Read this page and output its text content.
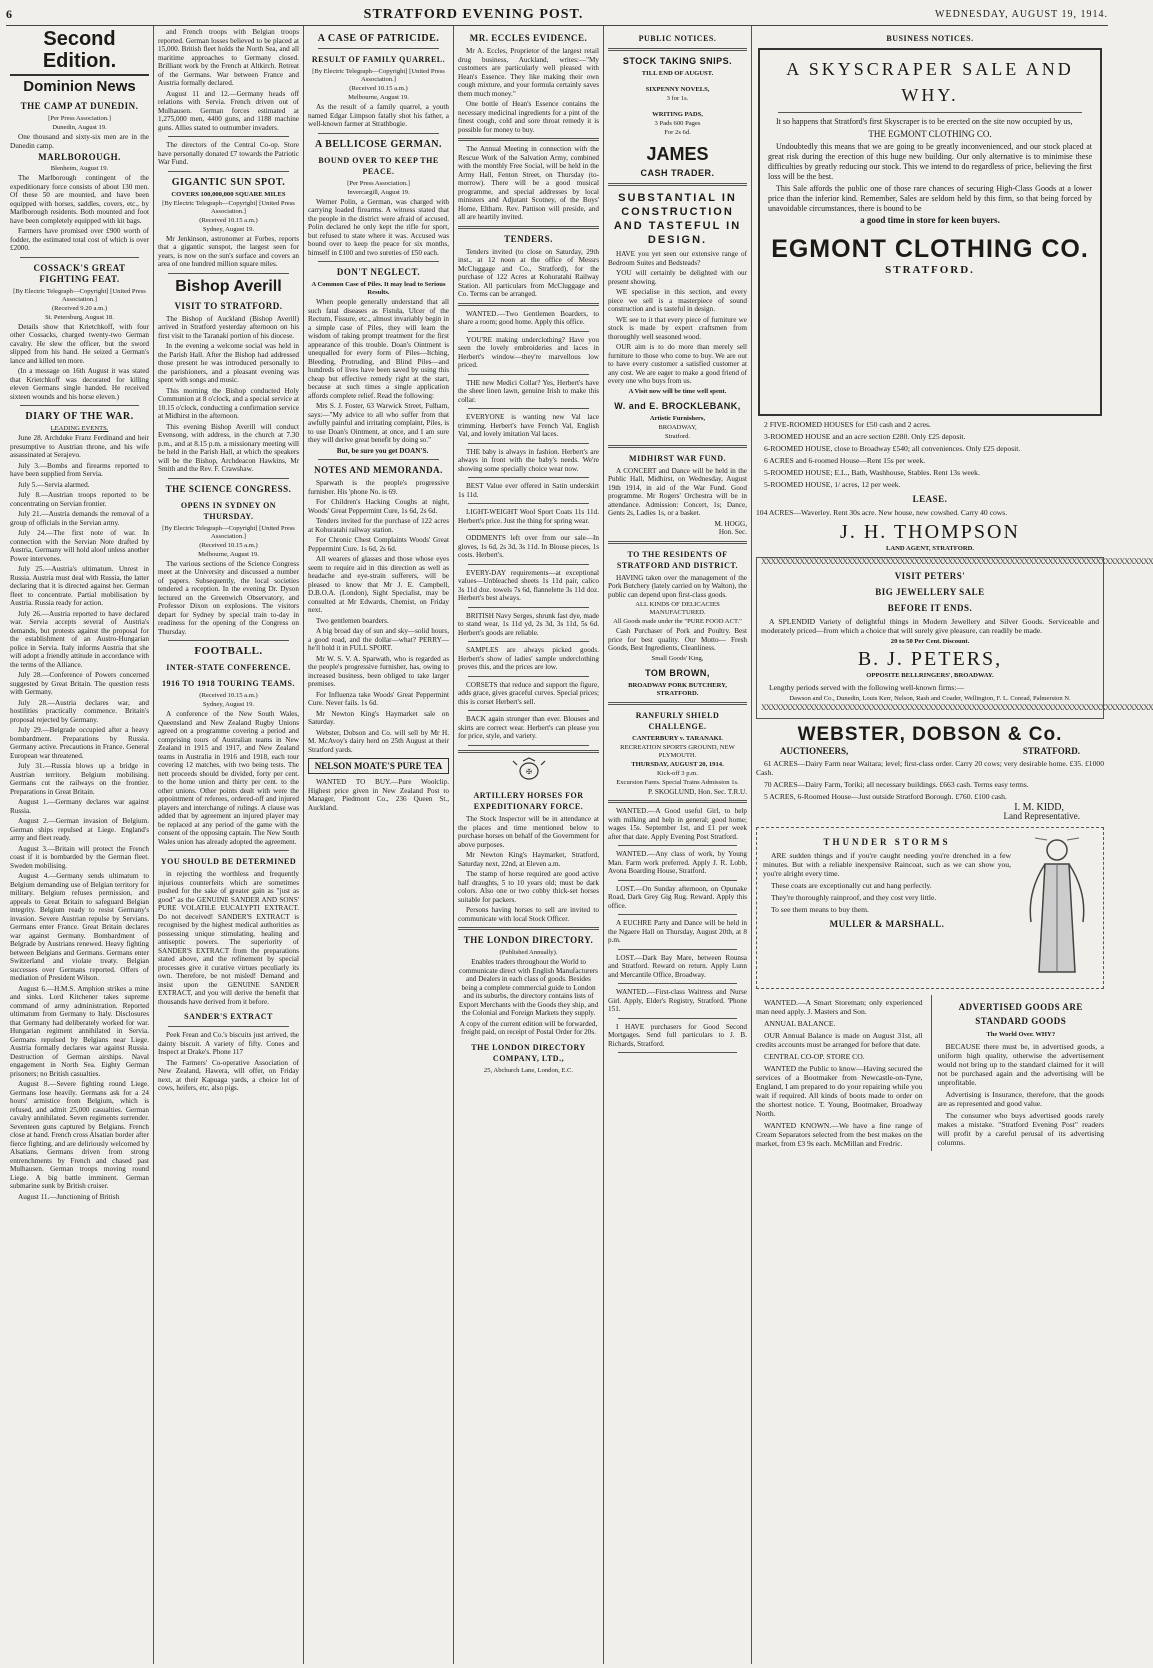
6	STRATFORD EVENING POST.	WEDNESDAY, AUGUST 19, 1914.
Second Edition.
Dominion News
THE CAMP AT DUNEDIN.
[Per Press Association.]
Dunedin, August 19.

One thousand and sixty-six men are in the Dunedin camp.

MARLBOROUGH.
Blenheim, August 19.

The Marlborough contingent of the expeditionary force consists of about 130 men. Of these 50 are mounted, and have been equipped with horses, saddles, covers, etc., by Marlborough residents. Both mounted and foot have been completely equipped with kit bags.

Farmers have promised over £900 worth of fodder, the estimated total cost of which is over £2000.

COSSACK'S GREAT FIGHTING FEAT.
[By Electric Telegraph—Copyright] [United Press Association.]
(Received 9.20 a.m.)
St. Petersburg, August 18.

Details show that Krietchkoff, with four other Cossacks, charged twenty-two German cavalry. He slew the officer, but the sword slipped from his hand. He seized a German's lance and killed ten more.

(In a message on 16th August it was stated that Krietchkoff was decorated for killing eleven Germans single handed. He received sixteen wounds and his horse eleven.)

DIARY OF THE WAR.
LEADING EVENTS.

June 28. Archduke Franz Ferdinand and heir presumptive to Austrian throne, and his wife assassinated at Serajevo.

July 3.—Bombs and firearms reported to have been supplied from Servia.

July 5.—Servia alarmed.

July 8.—Austrian troops reported to be concentrating on Servian frontier.

July 21.—Austria demands the removal of a group of officials in the Servian army.

July 24.—The first note of war. In connection with the Servian Note drafted by Austria, Germany will hold aloof unless another Power intervenes.

July 25.—Austria's ultimatum. Unrest in Russia. Austria must deal with Russia, the latter declaring that it is directed against her. German fleet to concentrate. Partial mobilisation by Austria. Russia ready for action.

July 26.—Austria reported to have declared war. Servia accepts several of Austria's demands, but protests against the proposal for the establishment of an Austro-Hungarian police in Servia. Italy informs Austria that she will adopt a friendly attitude in accordance with the terms of the Alliance.

July 28.—Conference of Powers concerned suggested by Great Britain. The question rests with Germany.

July 28.—Austria declares war, and hostilities practically commence. Britain's proposal rejected by Germany.

July 29.—Belgrade occupied after a heavy bombardment. Preparations by Russia. Germany active. Precautions in France. General European war threatened.

July 31.—Russia blows up a bridge in Austrian territory. Belgium mobilising. Germans cut the railways on the frontier. Preparations in Great Britain.

August 1.—Germany declares war against Russia.

August 2.—German invasion of Belgium. German ships repulsed at Liege. England's army and fleet ready.

August 3.—Britain will protect the French coast if it is bombarded by the German fleet. Sweden mobilising.

August 4.—Germany sends ultimatum to Belgium demanding use of Belgian territory for military. Belgium refuses permission, and appeals to Great Britain to safeguard Belgian integrity. Belgium ready to resist Germany's invasion. Severe Austrian repulse by Servians. Germans enter France. Great Britain declares war against Germany. Bombardment of Belgrade by Austrians renewed. Heavy fighting between Belgians and Germans. Germans enter Switzerland and violate treaty. Belgian successes over Germans reported. Offers of mediation of President Wilson.

August 6.—H.M.S. Amphion strikes a mine and sinks. Lord Kitchener takes supreme command of army administration. Reported ultimatum from Germany to Italy. Disclosures that Germany had deliberately worked for war. Hungarian regiment annihilated in Servia. Germans repulsed by Belgians near Liege. Austria formally declares war against Russia. Destruction of German airships. Naval engagement in North Sea. Eighty German prisoners; no British casualties.

August 8.—Severe fighting round Liege. Germans lose heavily. Germans ask for a 24 hours' armistice from Belgium, which is refused, and admit 25,000 casualties. German cavalry annihilated. Seven regiments surrender. Seventeen guns captured by Belgians. French close at hand. French cross Alsatian border after fierce fighting, and are deliriously welcomed by Alsatians. Germans driven from strong entrenchments by French and chased past Mulhausen. German troops moving round Liege. A big battle imminent. German submarine sunk by British cruiser.

August 11.—Junctioning of British

and French troops with Belgian troops reported. German losses believed to be placed at 15,000. British fleet holds the North Sea, and all maritime approaches to Germany closed. Brilliant work by the French at Altkirch. Retreat of the Germans. War between France and Austria formally declared.

August 11 and 12.—Germany heads off relations with Servia. French driven out of Mulhausen. German forces estimated at 1,275,000 men, 4400 guns, and 1188 machine guns. Allies stated to outnumber invaders.

The directors of the Central Co-op. Store have personally donated £7 towards the Patriotic War Fund.

GIGANTIC SUN SPOT.
COVERS 100,000,000 SQUARE MILES
[By Electric Telegraph—Copyright] [United Press Association.]
(Received 10.15 a.m.)
Sydney, August 19.

Mr Jenkinson, astronomer at Forbes, reports that a gigantic sunspot, the largest seen for years, is now on the sun's surface and covers an area of one hundred million square miles.

Bishop Averill
VISIT TO STRATFORD.

The Bishop of Auckland (Bishop Averill) arrived in Stratford yesterday afternoon on his first visit to the Taranaki portion of his diocese.

In the evening a welcome social was held in the Parish Hall. After the Bishop had addressed those present he was introduced personally to the parishioners, and a pleasant evening was spent with songs and music.

This morning the Bishop conducted Holy Communion at 8 o'clock, and a special service at 10.15 o'clock, conducting a confirmation service at Midhirst in the afternoon.

This evening Bishop Averill will conduct Evensong, with address, in the church at 7.30 p.m., and at 8.15 p.m. a missionary meeting will be held in the Parish Hall, at which the speakers will be the Bishop, Archdeacon Hawkins, Mr Smith and the Rev. F. Crawshaw.

THE SCIENCE CONGRESS.
OPENS IN SYDNEY ON THURSDAY.
[By Electric Telegraph—Copyright] [United Press Association.]
(Received 10.15 a.m.)
Melbourne, August 19.

The various sections of the Science Congress meet at the University and discussed a number of papers. Subsequently, the local societies tendered a reception. In the evening Dr. Dyson lectured on the Greenwich Observatory, and Professor Dixon on explosions. The visitors depart for Sydney by special train to-day in readiness for the opening of the Congress on Thursday.

FOOTBALL.
INTER-STATE CONFERENCE.
1916 TO 1918 TOURING TEAMS.
(Received 10.15 a.m.)
Sydney, August 19.

A conference of the New South Wales, Queensland and New Zealand Rugby Unions agreed on a programme covering a period and comprising tours of Australian teams in New Zealand in 1915 and 1917, and New Zealand teams in Australia in 1916 and 1918, each tour covering 12 matches, with two being tests. The nett proceeds should be divided, forty per cent. to the home union and thirty per cent. to the other unions. Other points dealt with were the appointment of referees, ordered-off and injured players and interchange of rulings. A clause was added that by agreement an injured player may be replaced at any period of the game with the consent of the opposing captain. The New South Wales union has already adopted the agreement.

YOU SHOULD BE DETERMINED

in rejecting the worthless and frequently injurious counterfeits which are sometimes pushed for the sake of greater gain as "just as good" as the GENUINE SANDER AND SONS' PURE VOLATILE EUCALYPTI EXTRACT. Do not deceived! SANDER'S EXTRACT is recognised by the highest medical authorities as possessing unique stimulating, healing and antiseptic powers. The superiority of SANDER'S EXTRACT from the preparations stated above, and the refinement by special processes give it curative virtues peculiarly its own. Therefore, be not misled! Demand and insist upon the GENUINE SANDER EXTRACT, and you will derive the benefit that thousands have derived from it before.

SANDER'S EXTRACT

Peek Frean and Co.'s biscuits just arrived, the dainty biscuit. A variety of fifty. Cones and Inspect at Drake's. Phone 117

The Farmers' Co-operative Association of New Zealand, Hawera, will offer, on Friday next, at their Kapuaga yards, a choice lot of cows, heifers, etc, also pigs.

A CASE OF PATRICIDE.
RESULT OF FAMILY QUARREL.
[By Electric Telegraph—Copyright] [United Press Association.]
(Received 10.15 a.m.)
Melbourne, August 19.

As the result of a family quarrel, a youth named Edgar Limpson fatally shot his father, a well-known farmer at Strathbogie.

A BELLICOSE GERMAN.
BOUND OVER TO KEEP THE PEACE.
[Per Press Association.]
Invercargill, August 19.

Werner Polin, a German, was charged with carrying loaded firearms. A witness stated that the people in the district were afraid of accused. Polin declared he only kept the rifle for sport, but refused to state where it was. Accused was bound over to keep the peace for six months, himself in £100 and two sureties of £50 each.

DON'T NEGLECT.
A Common Case of Piles. It may lead to Serious Results.

When people generally understand that all such fatal diseases as Fistula, Ulcer of the Rectum, Fissure, etc., almost invariably begin in a simple case of Piles, they will learn the wisdom of taking prompt treatment for the first appearance of this trouble. Doan's Ointment is unequalled for every form of Piles—Itching, Bleeding, Protruding, and Blind Piles—and hundreds of lives have been saved by using this cheap but effective remedy right at the start, because at such times a single application affords complete relief. Read the following:

Mrs S. J. Foster, 63 Warwick Street, Fulham, says:—"My advice to all who suffer from that awfully painful and irritating complaint, Piles, is to use Doan's Ointment, at once, and I am sure they will derive great benefit by doing so."

But, be sure you get DOAN'S.

NOTES AND MEMORANDA.

Sparwath is the people's progressive furnisher. His 'phone No. is 69.

For Children's Hacking Coughs at night, Woods' Great Peppermint Cure, 1s 6d, 2s 6d.

Tenders invited for the purchase of 122 acres at Kohuratahi railway station.

For Chronic Chest Complaints Woods' Great Peppermint Cure. 1s 6d, 2s 6d.

All wearers of glasses and those whose eyes seem to require aid in this direction as well as headache and eye-strain sufferers, will be pleased to know that Mr J. E. Campbell, D.B.O.A. (London), Sight Specialist, may be consulted at Mr Edwards, Chemist, on Friday next.

Two gentlemen boarders.

A big broad day of sun and sky—solid hours, a good road, and the dollar—what? PERRY—he'll hold it in FULL SPORT.

Mr W. S. V. A. Sparwath, who is regarded as the people's progressive furnisher, has, owing to increased business, been obliged to take larger premises.

For Influenza take Woods' Great Peppermint Cure. Never fails. 1s 6d.

Mr Newton King's Haymarket sale on Saturday.

Webster, Dobson and Co. will sell by Mr H. M. McAvoy's dairy herd on 25th August at their Stratford yards.

NELSON MOATE'S PURE TEA

WANTED TO BUY.—Pure Woolclip. Highest price given in New Zealand Post to Manager, Piedmont Co., 236 Queen St., Auckland.

MR. ECCLES EVIDENCE.

Mr A. Eccles, Proprietor of the largest retail drug business, Auckland, writes:—"My customers are particularly well pleased with Hean's Essence. They like making their own cough mixture, and your formula certainly saves them much money."

One bottle of Hean's Essence contains the necessary medicinal ingredients for a pint of the finest cough, cold and sore throat remedy it is possible for money to buy.

The Annual Meeting in connection with the Rescue Work of the Salvation Army, combined with the monthly Free Social, will be held in the Army Hall, Fenton Street, on Thursday (to-morrow). There will be a good musical programme, and special addresses by local ministers and Adjutant Scotney, of the Boys' Home, Eltham. Rev. Pattison will preside, and all are heartily invited.

TENDERS.

Tenders invited (to close on Saturday, 29th inst., at 12 noon at the office of Messrs McCluggage and Co., Stratford), for the purchase of 122 Acres at Kohuratahi Railway Station. All particulars from McCluggage and Co. Terms can be arranged.

WANTED.—Two Gentlemen Boarders, to share a room; good home. Apply this office.

YOU'RE making underclothing? Have you seen the lovely embroideries and laces in Herbert's window—they're marvellous low priced.

THE new Medici Collar? Yes, Herbert's have the sheer linen lawn, genuine Irish to make this collar.

EVERYONE is wanting new Val lace trimming. Herbert's have French Val, English Val, and lovely imitation Val laces.

THE baby is always in fashion. Herbert's are always in front with the baby's needs. We're showing some specially choice wear now.

BEST Value ever offered in Satin underskirt 1s 11d.

LIGHT-WEIGHT Wool Sport Coats 11s 11d. Herbert's price. Just the thing for spring wear.

ODDMENTS left over from our sale—In gloves, 1s 6d, 2s 3d, 3s 11d. In Blouse pieces, 1s costs. Herbert's.

EVERY-DAY requirements—at exceptional values—Unbleached sheets 1s 11d pair, calico 3s 11d doz. towels 7s 6d, flannelette 3s 11d doz. Herbert's best always.

BRITISH Navy Serges, shrunk fast dye, made to stand wear, 1s 11d yd, 2s 3d, 3s 11d, 5s 6d. Herbert's goods are reliable.

SAMPLES are always picked goods. Herbert's show of ladies' sample underclothing proves this, and the prices are low.

CORSETS that reduce and support the figure, adds grace, gives graceful curves. Special prices; this is corset Herbert's sell.

BACK again stronger than ever. Blouses and skirts are correct wear. Herbert's can please you for price, style, and variety.

✠
ARTILLERY HORSES FOR EXPEDITIONARY FORCE.

The Stock Inspector will be in attendance at the places and time mentioned below to purchase horses on behalf of the Government for above purposes.

Mr Newton King's Haymarket, Stratford, Saturday next, 22nd, at Eleven a.m.

The stamp of horse required are good active half draughts, 5 to 10 years old; must be dark colors. Also one or two cobby thick-set horses suitable for packers.

Persons having horses to sell are invited to communicate with local Stock Officer.

THE LONDON DIRECTORY.
(Published Annually).

Enables traders throughout the World to communicate direct with English Manufacturers and Dealers in each class of goods. Besides being a complete commercial guide to London and its suburbs, the directory contains lists of Export Merchants with the Goods they ship, and the Colonial and Foreign Markets they supply.

A copy of the current edition will be forwarded, freight paid, on receipt of Postal Order for 20s.

THE LONDON DIRECTORY COMPANY, LTD.,
25, Abchurch Lane, London, E.C.
PUBLIC NOTICES.
STOCK TAKING SNIPS.
TILL END OF AUGUST.
SIXPENNY NOVELS,
3 for 1s.
WRITING PADS,
3 Pads 600 Pages
For 2s 6d.
JAMES
CASH TRADER.
SUBSTANTIAL IN CONSTRUCTION AND TASTEFUL IN DESIGN.

HAVE you yet seen our extensive range of Bedroom Suites and Bedsteads?

YOU will certainly be delighted with our present showing.

WE specialise in this section, and every piece we sell is a masterpiece of sound construction and is tasteful in design.

WE see to it that every piece of furniture we stock is made by expert craftsmen from thoroughly well seasoned wood.

OUR aim is to do more than merely sell furniture to those who come to buy. We are out to have every customer a satisfied customer at any cost. We are eager to make a good friend of every one who buys from us.

A Visit now will be time well spent.
W. and E. BROCKLEBANK,
Artistic Furnishers,
BROADWAY,
Stratford.
MIDHIRST WAR FUND.

A CONCERT and Dance will be held in the Public Hall, Midhirst, on Wednesday, August 19th 1914, in aid of the War Fund. Good programme. Mr Rogers' Orchestra will be in attendance. Admission: Concert, 1s; Dance, Gents 2s, Ladies 1s, or a basket.

M. HOGG,
Hon. Sec.
TO THE RESIDENTS OF STRATFORD AND DISTRICT.

HAVING taken over the management of the Pork Butchery (lately carried on by Walton), the public can depend upon first-class goods.

ALL KINDS OF DELICACIES MANUFACTURED.
All Goods made under the "PURE FOOD ACT."

Cash Purchaser of Pork and Poultry. Best price for best quality. Our Motto— Fresh Goods, Best Ingredients, Cleanliness.

Small Goods' King,
TOM BROWN,
BROADWAY PORK BUTCHERY, STRATFORD.
RANFURLY SHIELD CHALLENGE.
CANTERBURY v. TARANAKI.
RECREATION SPORTS GROUND, NEW PLYMOUTH.
THURSDAY, AUGUST 20, 1914.
Kick-off 3 p.m.
Excursion Fares. Special Trains Admission 1s.
P. SKOGLUND, Hon. Sec. T.R.U.

WANTED.—A Good useful Girl, to help with milking and help in general; good home; wages 15s. September 1st, and £1 per week after that date. Apply Evening Post Stratford.

WANTED.—Any class of work, by Young Man. Farm work preferred. Apply J. R. Lobb, Avona Boarding House, Stratford.

LOST.—On Sunday afternoon, on Opunake Road, Dark Grey Gig Rug. Reward. Apply this office.

A EUCHRE Party and Dance will be held in the Ngaere Hall on Thursday, August 20th, at 8 p.m.

LOST.—Dark Bay Mare, between Rounsa and Stratford. Reward on return. Apply Lunn and Mercantile Office, Broadway.

WANTED.—First-class Waitress and Nurse Girl. Apply, Elder's Registry, Stratford. 'Phone 151.

I HAVE purchasers for Good Second Mortgages. Send full particulars to J. B. Richards, Stratford.

BUSINESS NOTICES.
A SKYSCRAPER SALE AND WHY.

It so happens that Stratford's first Skyscraper is to be erected on the site now occupied by us,

THE EGMONT CLOTHING CO.

Undoubtedly this means that we are going to be greatly inconvenienced, and our stock placed at great risk during the erection of this huge new building. Our only alternative is to minimise these difficulties by greatly reducing our stock. This we intend to do regardless of price, believing the first loss will be the best.

This Sale affords the public one of those rare chances of securing High-Class Goods at a lower price than the inferior kind. Remember, Sales are seldom held by this firm, so that being forced by unavoidable circumstances, there is bound to be

a good time in store for keen buyers.
EGMONT CLOTHING CO.
STRATFORD.

2 FIVE-ROOMED HOUSES for £50 cash and 2 acres.

3-ROOMED HOUSE and an acre section £280. Only £25 deposit.

6-ROOMED HOUSE, close to Broadway £540; all conveniences. Only £25 deposit.

6 ACRES and 6-roomed House—Rent 15s per week.

5-ROOMED HOUSE; E.L., Bath, Washhouse, Stables. Rent 13s week.

5-ROOMED HOUSE, 1/ acres, 12 per week.

LEASE.
104 ACRES—Waverley. Rent 30s acre. New house, new cowshed. Carry 40 cows.
J. H. THOMPSON
LAND AGENT, STRATFORD.
XXXXXXXXXXXXXXXXXXXXXXXXXXXXXXXXXXXXXXXXXXXXXXXXXXXXXXXXXXXXXXXXXXXXXXXXXXXXXXXXXX
VISIT PETERS'
BIG JEWELLERY SALE
BEFORE IT ENDS.

A SPLENDID Variety of delightful things in Modern Jewellery and Silver Goods. Serviceable and moderately priced—from which a choice that will surely give pleasure, can readily be made.

20 to 50 Per Cent. Discount.
B. J. PETERS,
OPPOSITE BELLRINGERS', BROADWAY.

Lengthy periods served with the following well-known firms:—

Dawson and Co., Dunedin, Louis Kerr, Nelson, Rash and Coader, Wellington, F. L. Conrad, Palmerston N.
XXXXXXXXXXXXXXXXXXXXXXXXXXXXXXXXXXXXXXXXXXXXXXXXXXXXXXXXXXXXXXXXXXXXXXXXXXXXXXXXXX
WEBSTER, DOBSON & Co.
AUCTIONEERS,	STRATFORD.

61 ACRES—Dairy Farm near Waitara; level; first-class order. Carry 20 cows; very desirable home. £35. £1000 Cash.

70 ACRES—Dairy Farm, Toriki; all necessary buildings. £663 cash. Terms easy terms.

5 ACRES, 6-Roomed House—Just outside Stratford Borough. £760. £100 cash.

I. M. KIDD,
Land Representative.
THUNDER STORMS

ARE sudden things and if you're caught needing you're drenched in a few minutes. But with a reliable inexpensive Raincoat, such as we can show you, you're alright every time.

These coats are exceptionally cut and hang perfectly.

They're thoroughly rainproof, and they cost very little.

To see them means to buy them.

MULLER & MARSHALL.

WANTED.—A Smart Storeman; only experienced man need apply. J. Masters and Son.

ANNUAL BALANCE.

OUR Annual Balance is made on August 31st, all credits accounts must be arranged for before that date.

CENTRAL CO-OP. STORE CO.

WANTED the Public to know—Having secured the services of a Bootmaker from Newcastle-on-Tyne, England, I am prepared to do your repairing while you wait if required. All kinds of boots made to order on the shortest notice. T. Young, Bootmaker, Broadway North.

WANTED KNOWN.—We have a fine range of Cream Separators selected from the best makes on the market, from £3 9s each. McMillan and Fredric.

ADVERTISED GOODS ARE STANDARD GOODS
The World Over. WHY?

BECAUSE there must be, in advertised goods, a uniform high quality, otherwise the advertisement would not bring up to the standard claimed for it will not be purchased again and the advertising will be unprofitable.

Advertising is Insurance, therefore, that the goods are as represented and good value.

The consumer who buys advertised goods rarely makes a mistake. "Stratford Evening Post" readers will profit by a careful perusal of its advertising columns.
